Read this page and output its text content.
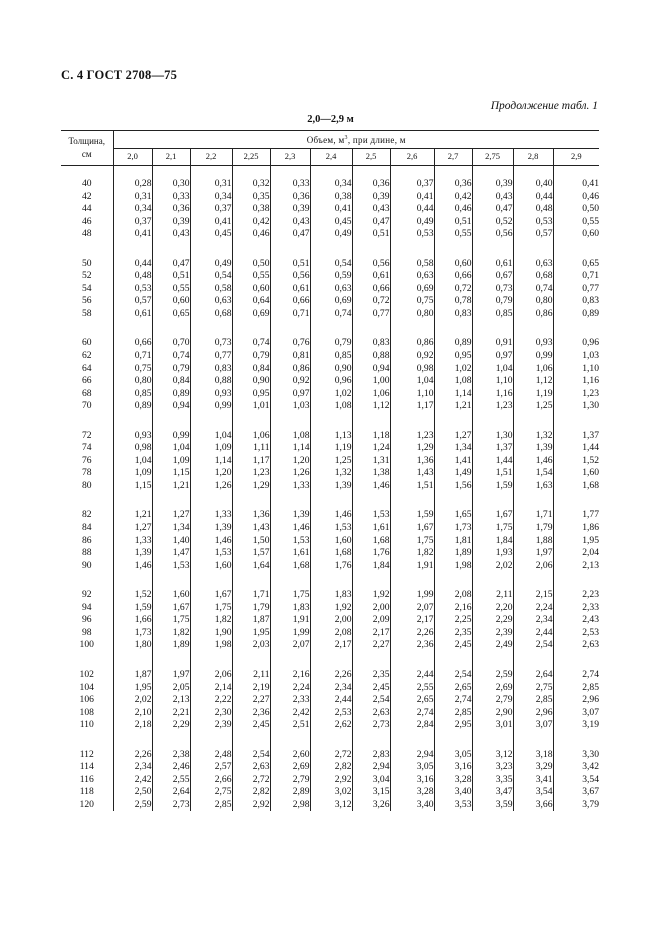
С. 4 ГОСТ 2708—75
Продолжение табл. 1
2,0—2,9 м
Толщина,
см	Объем, $м^3$, при длине, м											
	2,0	2,1	2,2	2,25	2,3	2,4	2,5	2,6	2,7	2,75	2,8	2,9
40	0,28	0,30	0,31	0,32	0,33	0,34	0,36	0,37	0,36	0,39	0,40	0,41
42	0,31	0,33	0,34	0,35	0,36	0,38	0,39	0,41	0,42	0,43	0,44	0,46
44	0,34	0,36	0,37	0,38	0,39	0,41	0,43	0,44	0,46	0,47	0,48	0,50
46	0,37	0,39	0,41	0,42	0,43	0,45	0,47	0,49	0,51	0,52	0,53	0,55
48	0,41	0,43	0,45	0,46	0,47	0,49	0,51	0,53	0,55	0,56	0,57	0,60

50	0,44	0,47	0,49	0,50	0,51	0,54	0,56	0,58	0,60	0,61	0,63	0,65
52	0,48	0,51	0,54	0,55	0,56	0,59	0,61	0,63	0,66	0,67	0,68	0,71
54	0,53	0,55	0,58	0,60	0,61	0,63	0,66	0,69	0,72	0,73	0,74	0,77
56	0,57	0,60	0,63	0,64	0,66	0,69	0,72	0,75	0,78	0,79	0,80	0,83
58	0,61	0,65	0,68	0,69	0,71	0,74	0,77	0,80	0,83	0,85	0,86	0,89

60	0,66	0,70	0,73	0,74	0,76	0,79	0,83	0,86	0,89	0,91	0,93	0,96
62	0,71	0,74	0,77	0,79	0,81	0,85	0,88	0,92	0,95	0,97	0,99	1,03
64	0,75	0,79	0,83	0,84	0,86	0,90	0,94	0,98	1,02	1,04	1,06	1,10
66	0,80	0,84	0,88	0,90	0,92	0,96	1,00	1,04	1,08	1,10	1,12	1,16
68	0,85	0,89	0,93	0,95	0,97	1,02	1,06	1,10	1,14	1,16	1,19	1,23
70	0,89	0,94	0,99	1,01	1,03	1,08	1,12	1,17	1,21	1,23	1,25	1,30

72	0,93	0,99	1,04	1,06	1,08	1,13	1,18	1,23	1,27	1,30	1,32	1,37
74	0,98	1,04	1,09	1,11	1,14	1,19	1,24	1,29	1,34	1,37	1,39	1,44
76	1,04	1,09	1,14	1,17	1,20	1,25	1,31	1,36	1,41	1,44	1,46	1,52
78	1,09	1,15	1,20	1,23	1,26	1,32	1,38	1,43	1,49	1,51	1,54	1,60
80	1,15	1,21	1,26	1,29	1,33	1,39	1,46	1,51	1,56	1,59	1,63	1,68

82	1,21	1,27	1,33	1,36	1,39	1,46	1,53	1,59	1,65	1,67	1,71	1,77
84	1,27	1,34	1,39	1,43	1,46	1,53	1,61	1,67	1,73	1,75	1,79	1,86
86	1,33	1,40	1,46	1,50	1,53	1,60	1,68	1,75	1,81	1,84	1,88	1,95
88	1,39	1,47	1,53	1,57	1,61	1,68	1,76	1,82	1,89	1,93	1,97	2,04
90	1,46	1,53	1,60	1,64	1,68	1,76	1,84	1,91	1,98	2,02	2,06	2,13

92	1,52	1,60	1,67	1,71	1,75	1,83	1,92	1,99	2,08	2,11	2,15	2,23
94	1,59	1,67	1,75	1,79	1,83	1,92	2,00	2,07	2,16	2,20	2,24	2,33
96	1,66	1,75	1,82	1,87	1,91	2,00	2,09	2,17	2,25	2,29	2,34	2,43
98	1,73	1,82	1,90	1,95	1,99	2,08	2,17	2,26	2,35	2,39	2,44	2,53
100	1,80	1,89	1,98	2,03	2,07	2,17	2,27	2,36	2,45	2,49	2,54	2,63

102	1,87	1,97	2,06	2,11	2,16	2,26	2,35	2,44	2,54	2,59	2,64	2,74
104	1,95	2,05	2,14	2,19	2,24	2,34	2,45	2,55	2,65	2,69	2,75	2,85
106	2,02	2,13	2,22	2,27	2,33	2,44	2,54	2,65	2,74	2,79	2,85	2,96
108	2,10	2,21	2,30	2,36	2,42	2,53	2,63	2,74	2,85	2,90	2,96	3,07
110	2,18	2,29	2,39	2,45	2,51	2,62	2,73	2,84	2,95	3,01	3,07	3,19

112	2,26	2,38	2,48	2,54	2,60	2,72	2,83	2,94	3,05	3,12	3,18	3,30
114	2,34	2,46	2,57	2,63	2,69	2,82	2,94	3,05	3,16	3,23	3,29	3,42
116	2,42	2,55	2,66	2,72	2,79	2,92	3,04	3,16	3,28	3,35	3,41	3,54
118	2,50	2,64	2,75	2,82	2,89	3,02	3,15	3,28	3,40	3,47	3,54	3,67
120	2,59	2,73	2,85	2,92	2,98	3,12	3,26	3,40	3,53	3,59	3,66	3,79
